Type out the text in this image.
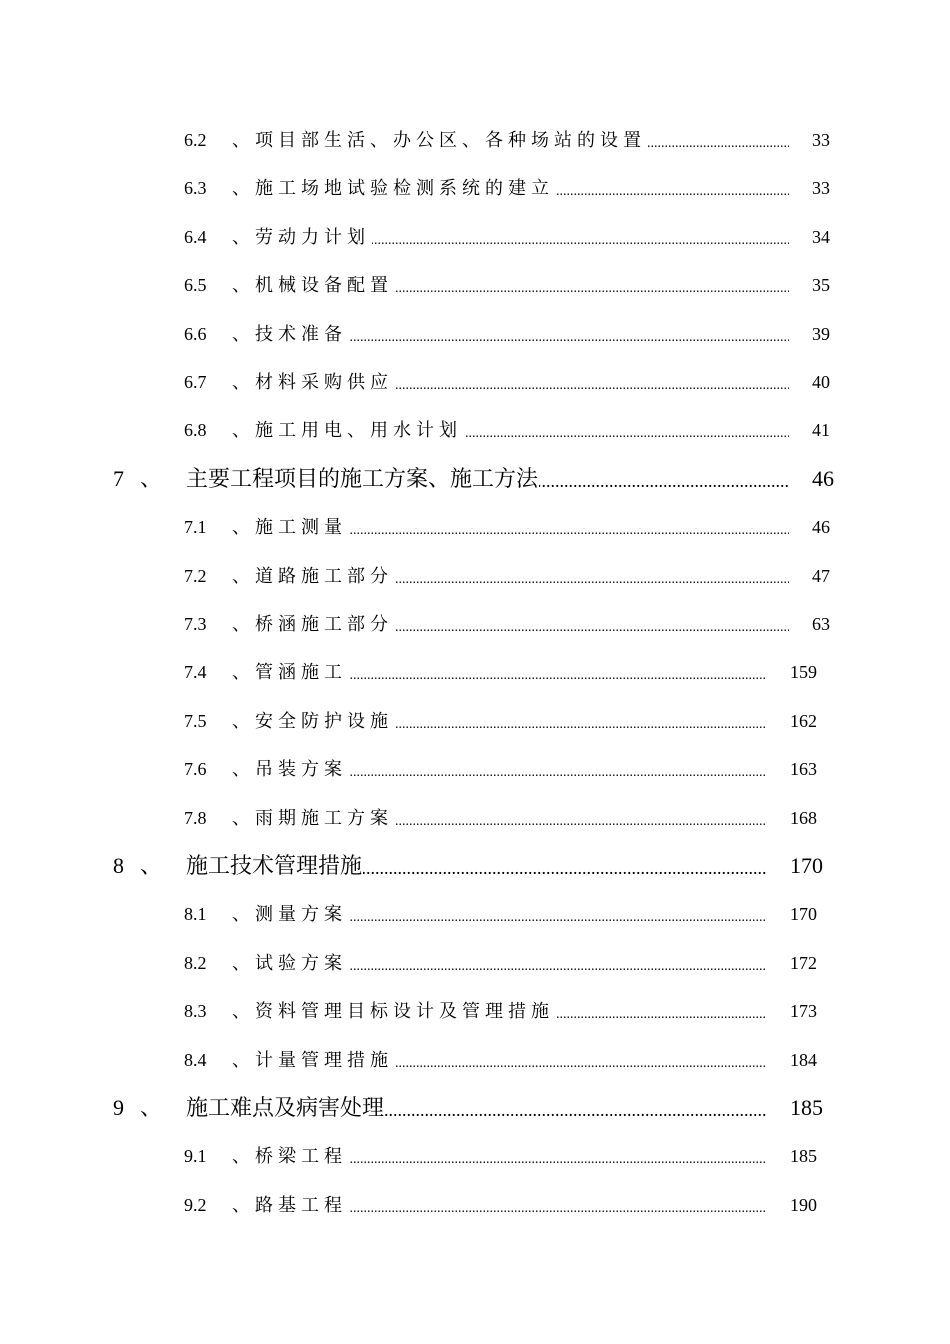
6.2 、 ..... 项目部生活、办公区、各种场站的设置	33
6.3 、 ..... 施工场地试验检测系统的建立	33
6.4 、 ..... 劳动力计划	34
6.5 、 ..... 机械设备配置	35
6.6 、 ..... 技术准备	39
6.7 、 ..... 材料采购供应	40
6.8 、 ..... 施工用电、用水计划	41
7 、 ..... 主要工程项目的施工方案、施工方法	46
7.1 、 ..... 施工测量	46
7.2 、 ..... 道路施工部分	47
7.3 、 ..... 桥涵施工部分	63
7.4 、 ..... 管涵施工	159
7.5 、 ..... 安全防护设施	162
7.6 、 ..... 吊装方案	163
7.8 、 ..... 雨期施工方案	168
8 、 ..... 施工技术管理措施	170
8.1 、 ..... 测量方案	170
8.2 、 ..... 试验方案	172
8.3 、 ..... 资料管理目标设计及管理措施	173
8.4 、 ..... 计量管理措施	184
9 、 ..... 施工难点及病害处理	185
9.1 、 ..... 桥梁工程	185
9.2 、 ..... 路基工程	190
